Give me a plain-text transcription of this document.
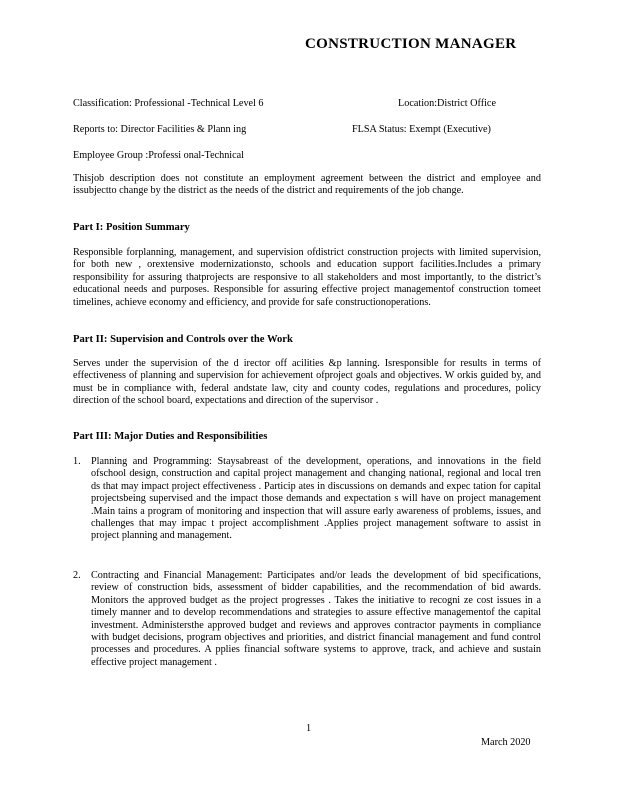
CONSTRUCTION MANAGER
Classification: Professional -Technical Level 6	Location:District Office
Reports to: Director Facilities & Plann ing	FLSA Status: Exempt (Executive)
Employee Group :Professi onal-Technical

Thisjob description does not constitute an employment agreement between the district and employee and issubjectto change by the district as the needs of the district and requirements of the job change.

Part I: Position Summary

Responsible forplanning, management, and supervision ofdistrict construction projects with limited supervision, for both new , orextensive modernizationsto, schools and education support facilities.Includes a primary responsibility for assuring thatprojects are responsive to all stakeholders and most importantly, to the district’s educational needs and purposes. Responsible for assuring effective project managementof construction tomeet timelines, achieve economy and efficiency, and provide for safe constructionoperations.

Part II: Supervision and Controls over the Work

Serves under the supervision of the d irector off acilities &p lanning. Isresponsible for results in terms of effectiveness of planning and supervision for achievement ofproject goals and objectives. W orkis guided by, and must be in compliance with, federal andstate law, city and county codes, regulations and procedures, policy direction of the school board, expectations and direction of the supervisor .

Part III: Major Duties and Responsibilities
1. Planning and Programming: Staysabreast of the development, operations, and innovations in the field ofschool design, construction and capital project management and changing national, regional and local tren ds that may impact project effectiveness . Particip ates in discussions on demands and expec tation for capital projectsbeing supervised and the impact those demands and expectation s will have on project management .Main tains a program of monitoring and inspection that will assure early awareness of problems, issues, and challenges that may impac t project accomplishment .Applies project management software to assist in project planning and management.

2. Contracting and Financial Management: Participates and/or leads the development of bid specifications, review of construction bids, assessment of bidder capabilities, and the recommendation of bid awards. Monitors the approved budget as the project progresses . Takes the initiative to recogni ze cost issues in a timely manner and to develop recommendations and strategies to assure effective managementof the capital investment. Administersthe approved budget and reviews and approves contractor payments in compliance with budget decisions, program objectives and priorities, and district financial management and fund control processes and procedures. A pplies financial software systems to approve, track, and achieve and sustain effective project management .

1
March 2020
